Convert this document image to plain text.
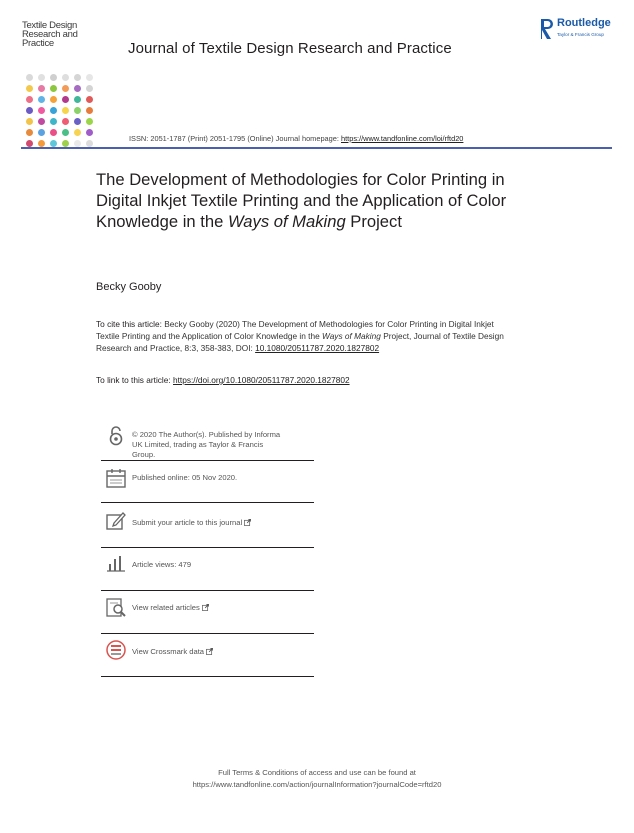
Textile Design
Research and
Practice	Journal of Textile Design Research and Practice
Routledge
Taylor & Francis Group
ISSN: 2051-1787 (Print) 2051-1795 (Online) Journal homepage: https://www.tandfonline.com/loi/rftd20
The Development of Methodologies for Color Printing in Digital Inkjet Textile Printing and the Application of Color Knowledge in the Ways of Making Project
Becky Gooby
To cite this article: Becky Gooby (2020) The Development of Methodologies for Color Printing in Digital Inkjet Textile Printing and the Application of Color Knowledge in the Ways of Making Project, Journal of Textile Design Research and Practice, 8:3, 358-383, DOI: 10.1080/20511787.2020.1827802
To link to this article: https://doi.org/10.1080/20511787.2020.1827802
© 2020 The Author(s). Published by Informa
UK Limited, trading as Taylor & Francis
Group.
Published online: 05 Nov 2020.
Submit your article to this journal
Article views: 479
View related articles
View Crossmark data
Full Terms & Conditions of access and use can be found at
https://www.tandfonline.com/action/journalInformation?journalCode=rftd20
